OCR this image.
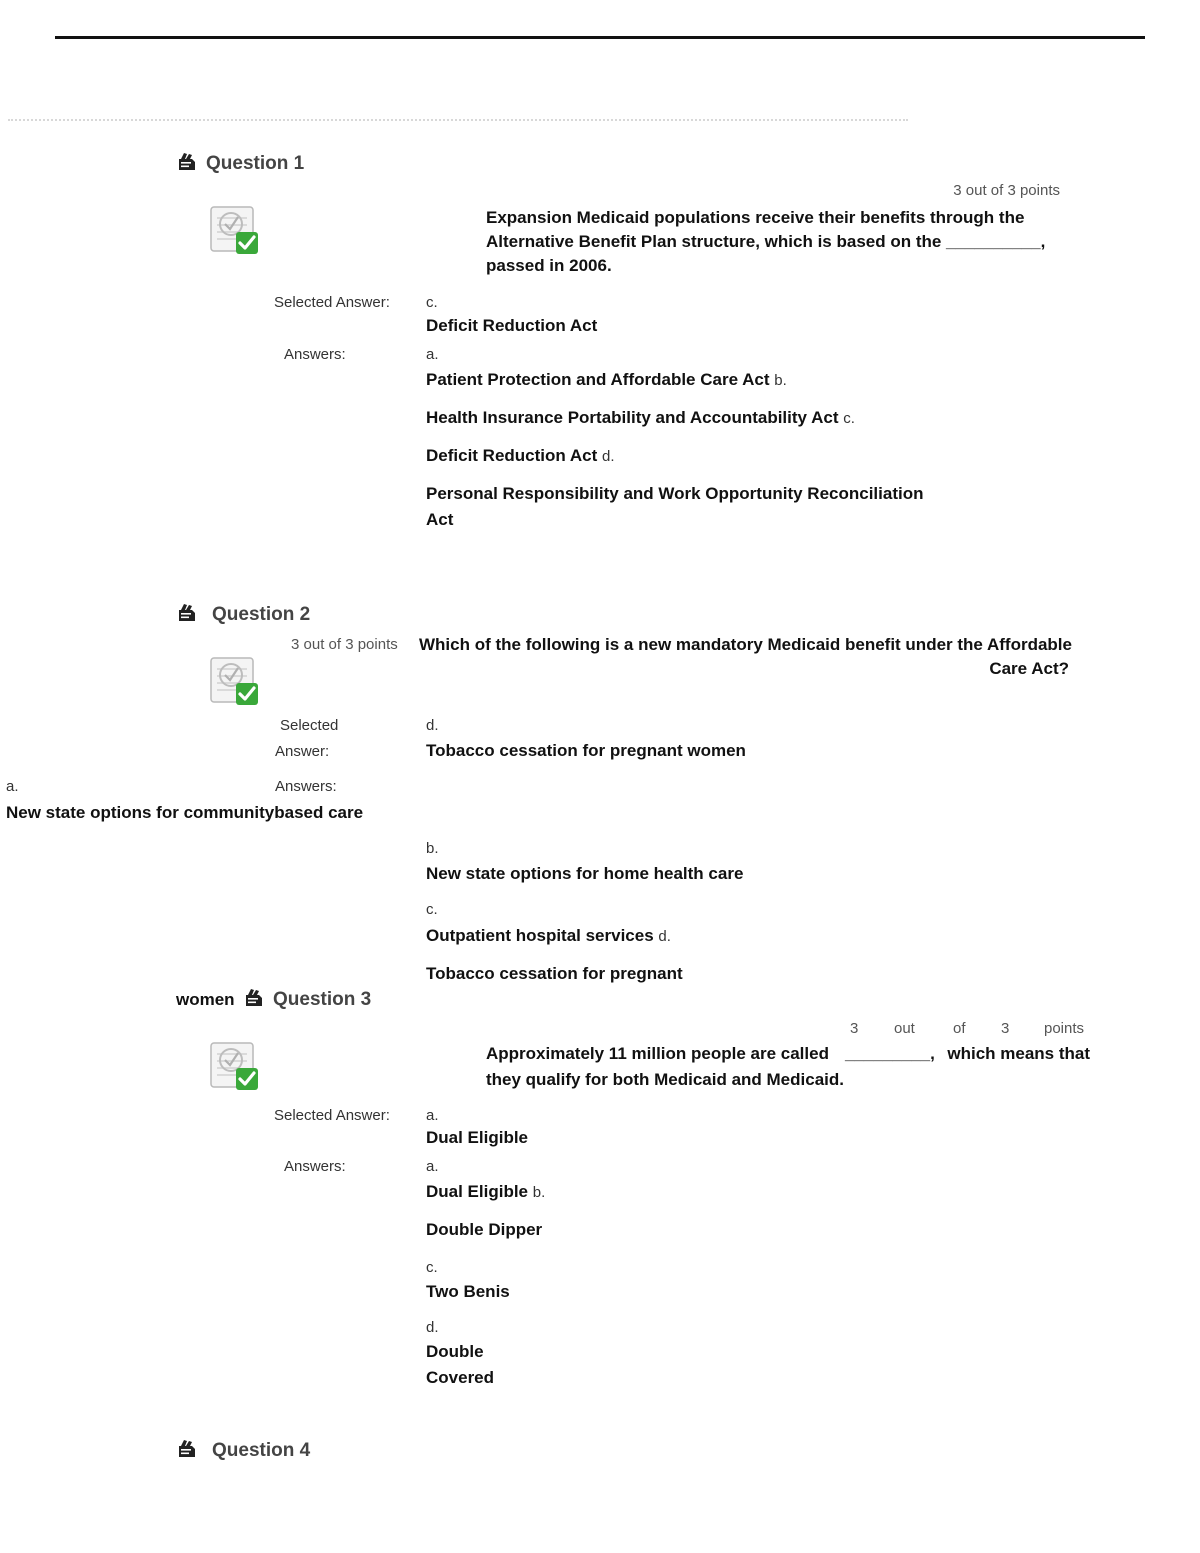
Question 1
3 out of 3 points
Expansion Medicaid populations receive their benefits through the
Alternative Benefit Plan structure, which is based on the __________,
passed in 2006.
Selected Answer: c.
Deficit Reduction Act
Answers:	a.
Patient Protection and Affordable Care Act b.
Health Insurance Portability and Accountability Act c.
Deficit Reduction Act d.
Personal Responsibility and Work Opportunity Reconciliation
Act
Question 2
3 out of 3 points Which of the following is a new mandatory Medicaid benefit under the Affordable
Care Act?
Selected
Answer:
d.
Tobacco cessation for pregnant women
Answers:
a.
New state options for communitybased care
b.
New state options for home health care
c.
Outpatient hospital services d.
Tobacco cessation for pregnant
women Question 3
3 out	of 3 points
Approximately 11 million people are called _________, which means that
they qualify for both Medicaid and Medicaid.
Selected Answer: a.
Dual Eligible
Answers:	a.
Dual Eligible b.
Double Dipper
c.
Two Benis
d.
Double
Covered
Question 4
